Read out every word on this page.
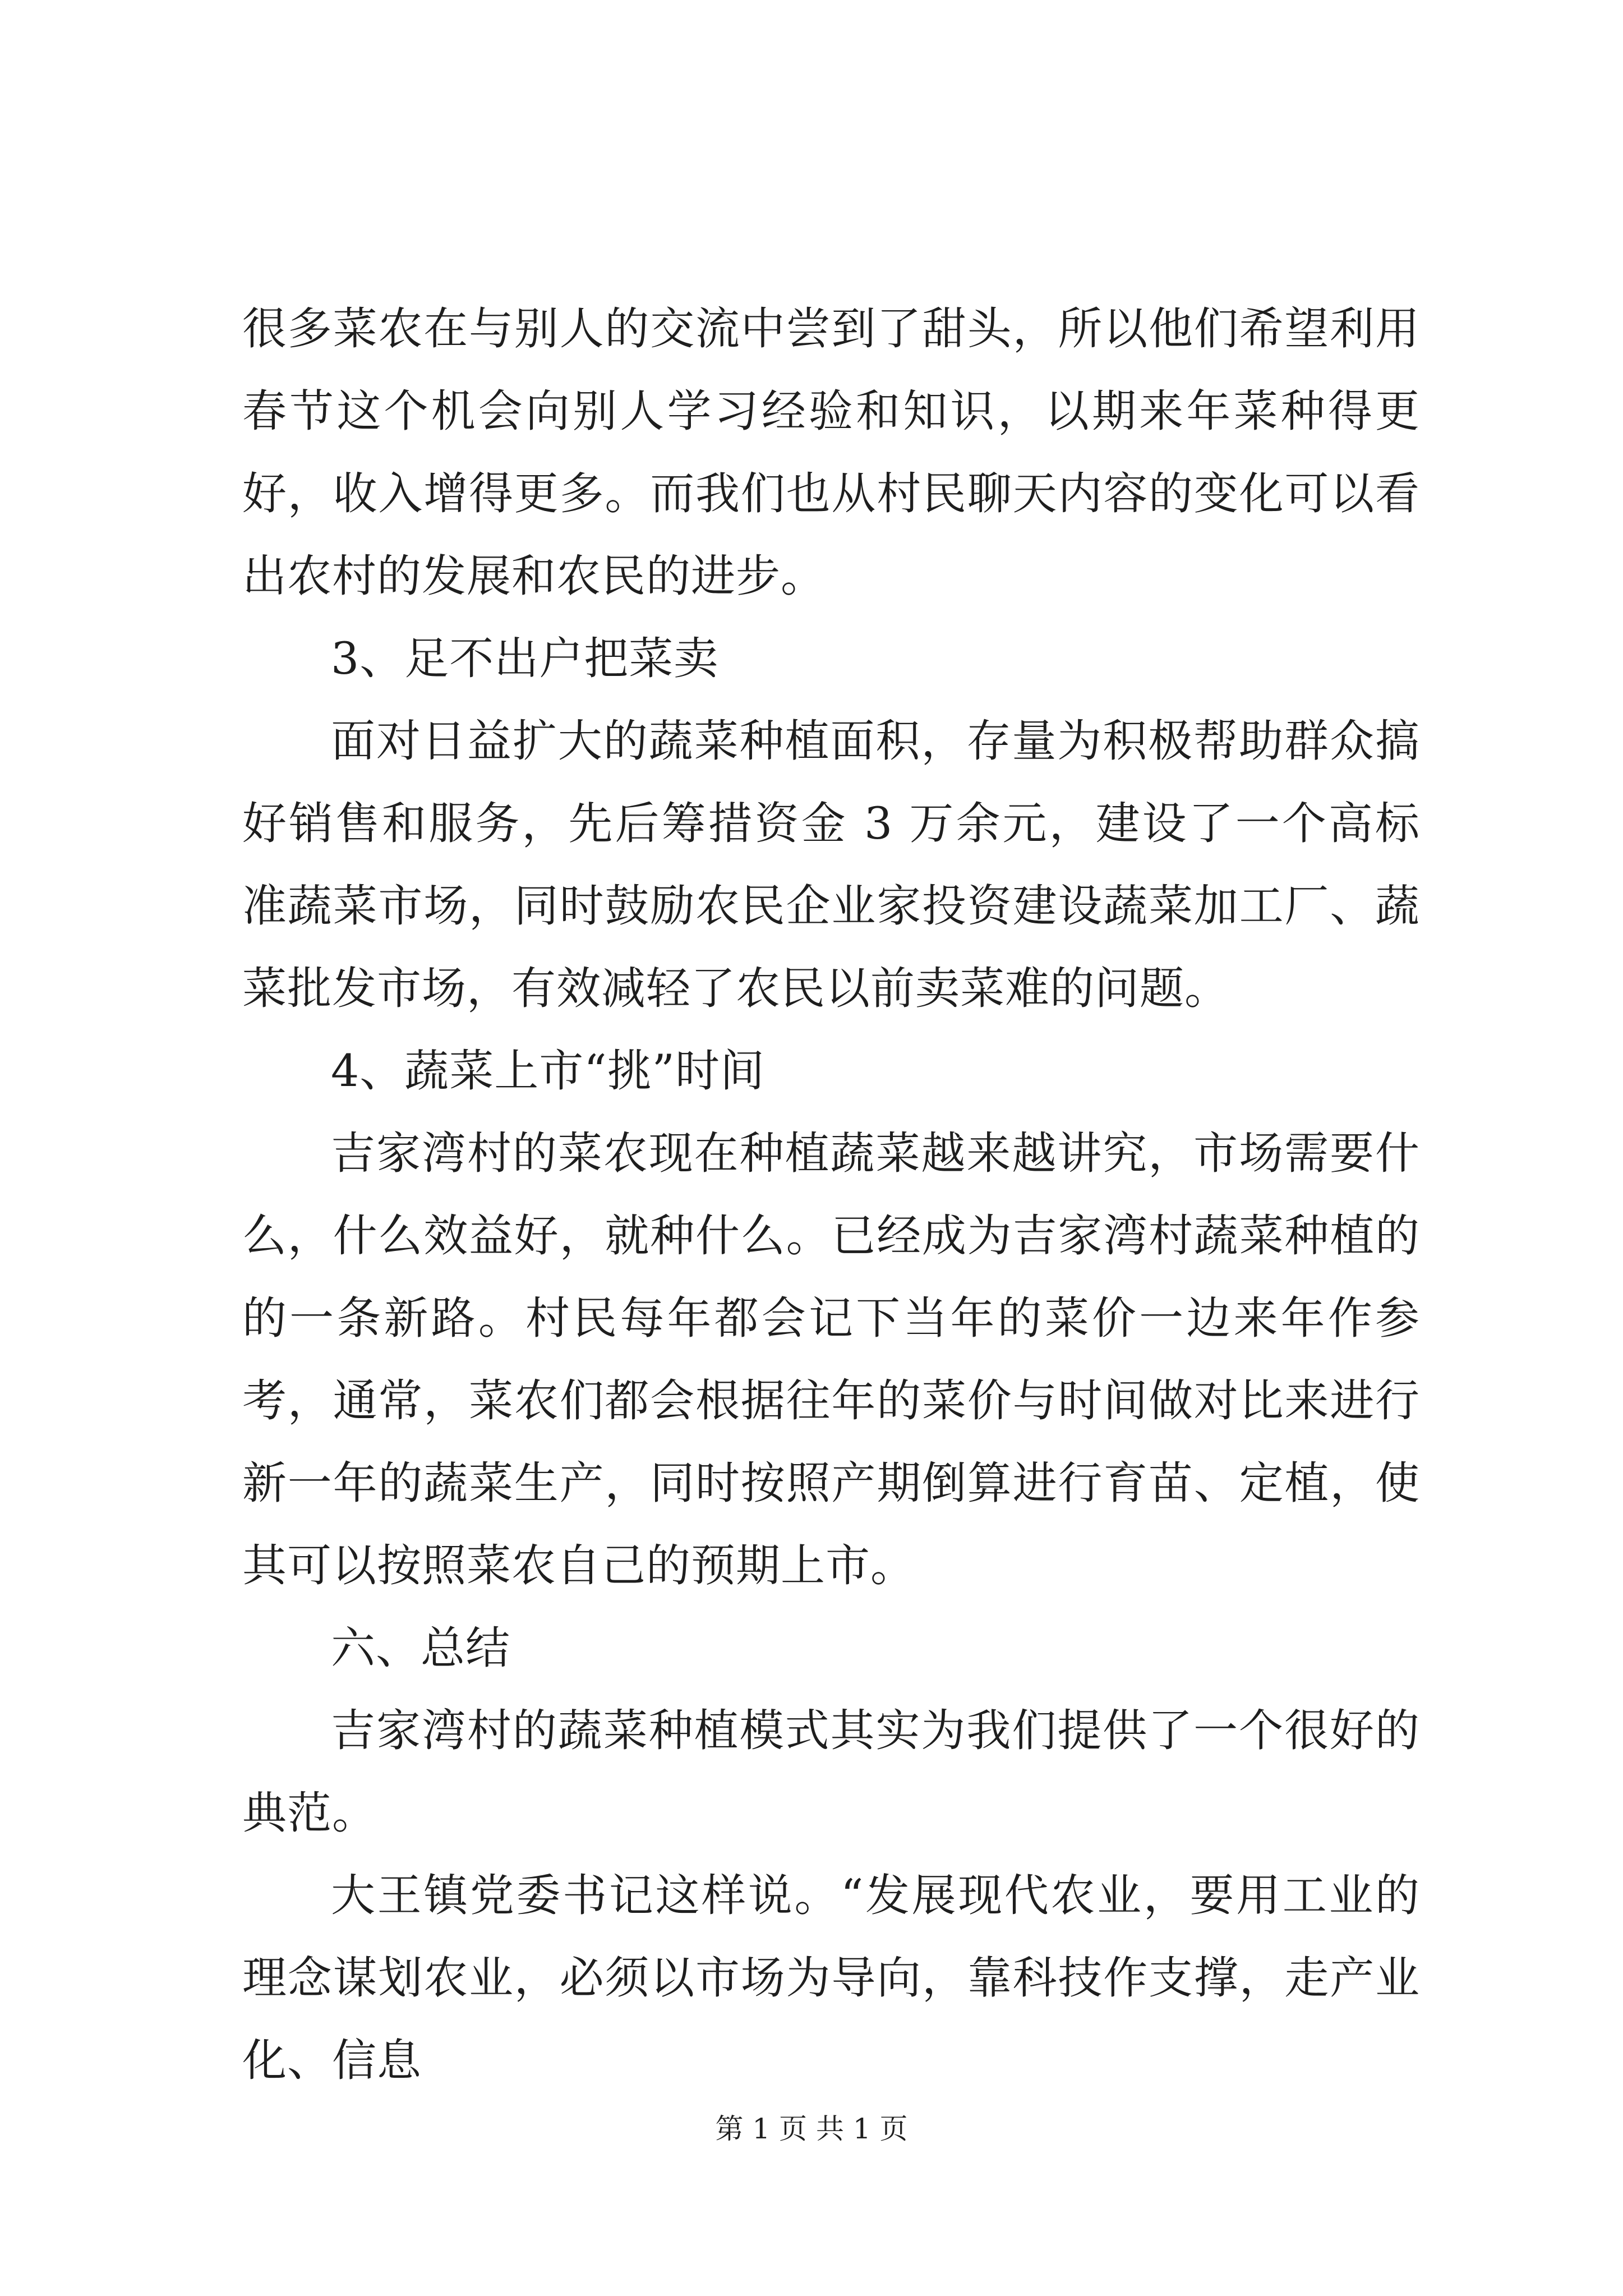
很多菜农在与别人的交流中尝到了甜头，所以他们希望利用春节这个机会向别人学习经验和知识，以期来年菜种得更好，收入增得更多。而我们也从村民聊天内容的变化可以看出农村的发展和农民的进步。

3、足不出户把菜卖

面对日益扩大的蔬菜种植面积，存量为积极帮助群众搞好销售和服务，先后筹措资金 3 万余元，建设了一个高标准蔬菜市场，同时鼓励农民企业家投资建设蔬菜加工厂、蔬菜批发市场，有效减轻了农民以前卖菜难的问题。

4、蔬菜上市“挑”时间

吉家湾村的菜农现在种植蔬菜越来越讲究，市场需要什么，什么效益好，就种什么。已经成为吉家湾村蔬菜种植的的一条新路。村民每年都会记下当年的菜价一边来年作参考，通常，菜农们都会根据往年的菜价与时间做对比来进行新一年的蔬菜生产，同时按照产期倒算进行育苗、定植，使其可以按照菜农自己的预期上市。

六、总结

吉家湾村的蔬菜种植模式其实为我们提供了一个很好的典范。

大王镇党委书记这样说。“发展现代农业，要用工业的理念谋划农业，必须以市场为导向，靠科技作支撑，走产业化、信息

第 1 页 共 1 页
